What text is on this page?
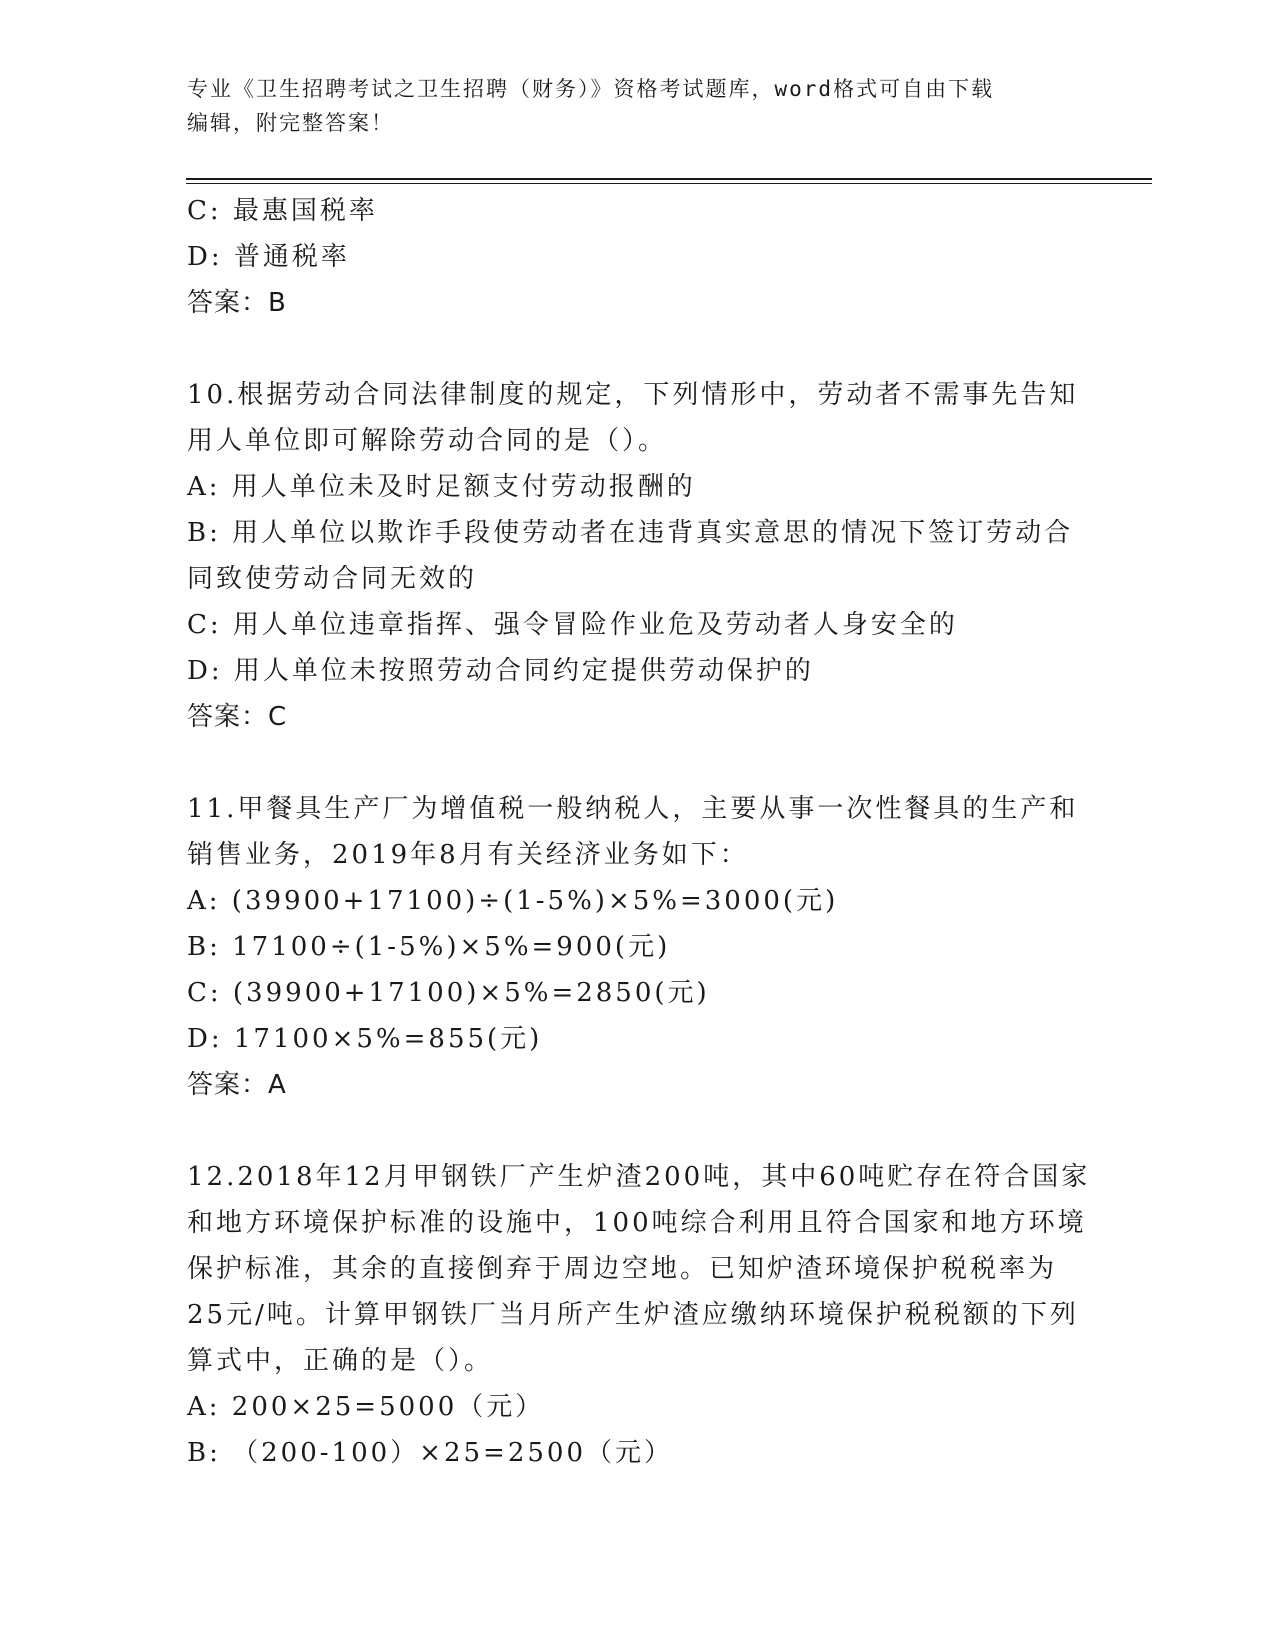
专业《卫生招聘考试之卫生招聘（财务）》资格考试题库，word格式可自由下载
编辑，附完整答案！
C: 最惠国税率
D: 普通税率
答案：B
10.根据劳动合同法律制度的规定，下列情形中，劳动者不需事先告知
用人单位即可解除劳动合同的是（）。
A: 用人单位未及时足额支付劳动报酬的
B: 用人单位以欺诈手段使劳动者在违背真实意思的情况下签订劳动合
同致使劳动合同无效的
C: 用人单位违章指挥、强令冒险作业危及劳动者人身安全的
D: 用人单位未按照劳动合同约定提供劳动保护的
答案：C
11.甲餐具生产厂为增值税一般纳税人，主要从事一次性餐具的生产和
销售业务，2019年8月有关经济业务如下：
A: (39900+17100)÷(1-5%)×5%=3000(元)
B: 17100÷(1-5%)×5%=900(元)
C: (39900+17100)×5%=2850(元)
D: 17100×5%=855(元)
答案：A
12.2018年12月甲钢铁厂产生炉渣200吨，其中60吨贮存在符合国家
和地方环境保护标准的设施中，100吨综合利用且符合国家和地方环境
保护标准，其余的直接倒弃于周边空地。已知炉渣环境保护税税率为
25元/吨。计算甲钢铁厂当月所产生炉渣应缴纳环境保护税税额的下列
算式中，正确的是（）。
A: 200×25=5000（元）
B: （200-100）×25=2500（元）
